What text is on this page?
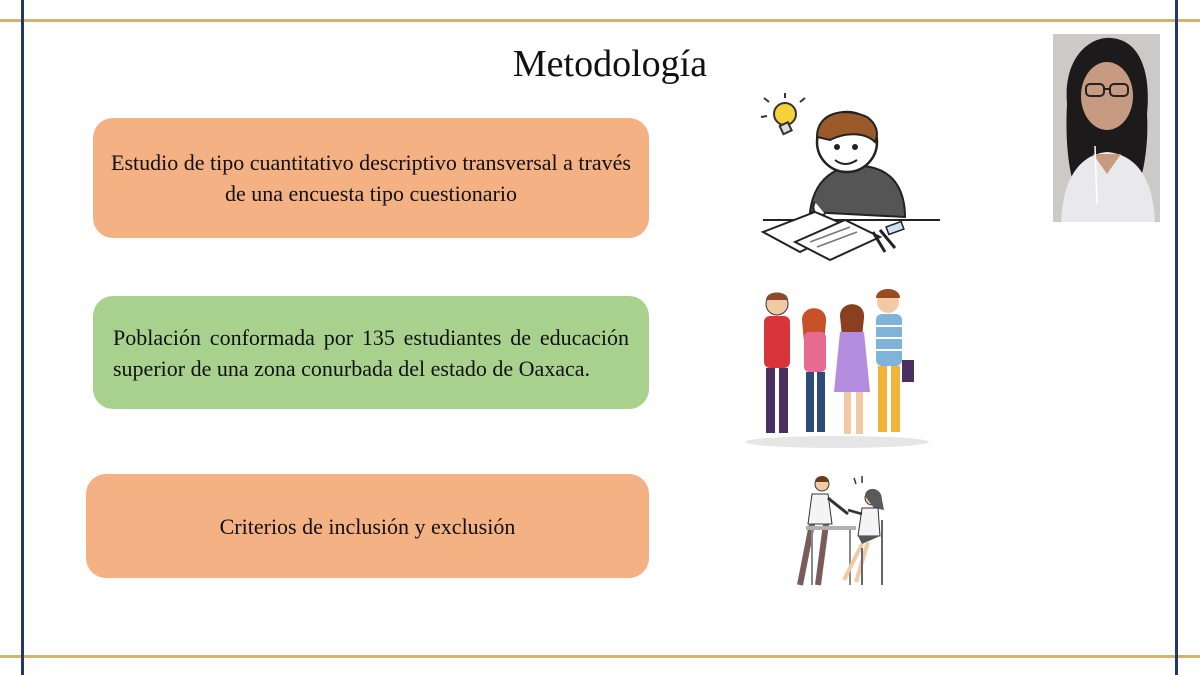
Metodología
Estudio de tipo cuantitativo descriptivo transversal a través de una encuesta tipo cuestionario
Población conformada por 135 estudiantes de educación superior de una zona conurbada del estado de Oaxaca.
Criterios de inclusión y exclusión
